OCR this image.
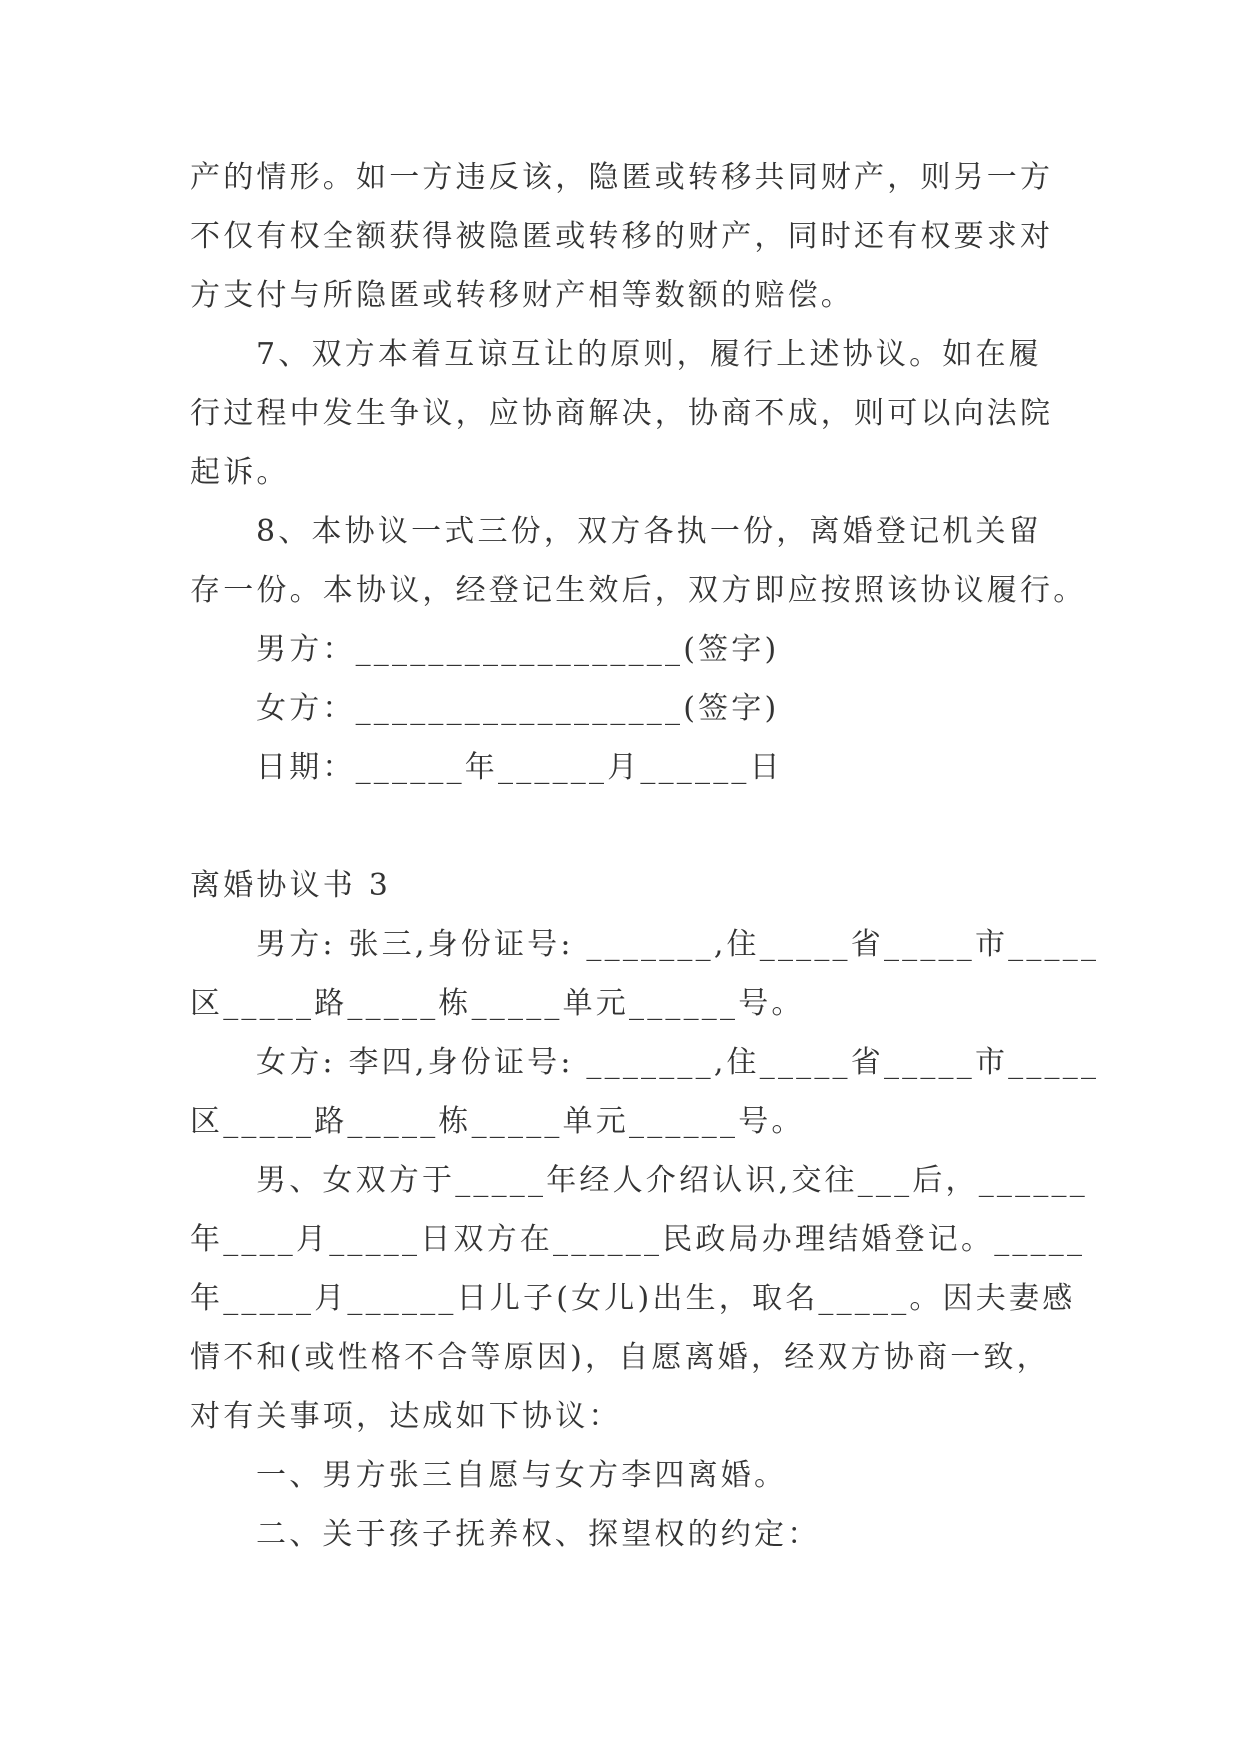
产的情形。如一方违反该，隐匿或转移共同财产，则另一方
不仅有权全额获得被隐匿或转移的财产，同时还有权要求对
方支付与所隐匿或转移财产相等数额的赔偿。
7、双方本着互谅互让的原则，履行上述协议。如在履
行过程中发生争议，应协商解决，协商不成，则可以向法院
起诉。
8、本协议一式三份，双方各执一份，离婚登记机关留
存一份。本协议，经登记生效后，双方即应按照该协议履行。
男方：__________________(签字)
女方：__________________(签字)
日期：______年______月______日
离婚协议书 3
男方: 张三,身份证号: _______,住_____省_____市_____
区_____路_____栋_____单元______号。
女方: 李四,身份证号: _______,住_____省_____市_____
区_____路_____栋_____单元______号。
男、女双方于_____年经人介绍认识,交往___后，______
年____月_____日双方在______民政局办理结婚登记。_____
年_____月______日儿子(女儿)出生，取名_____。因夫妻感
情不和(或性格不合等原因)，自愿离婚，经双方协商一致，
对有关事项，达成如下协议：
一、男方张三自愿与女方李四离婚。
二、关于孩子抚养权、探望权的约定：
